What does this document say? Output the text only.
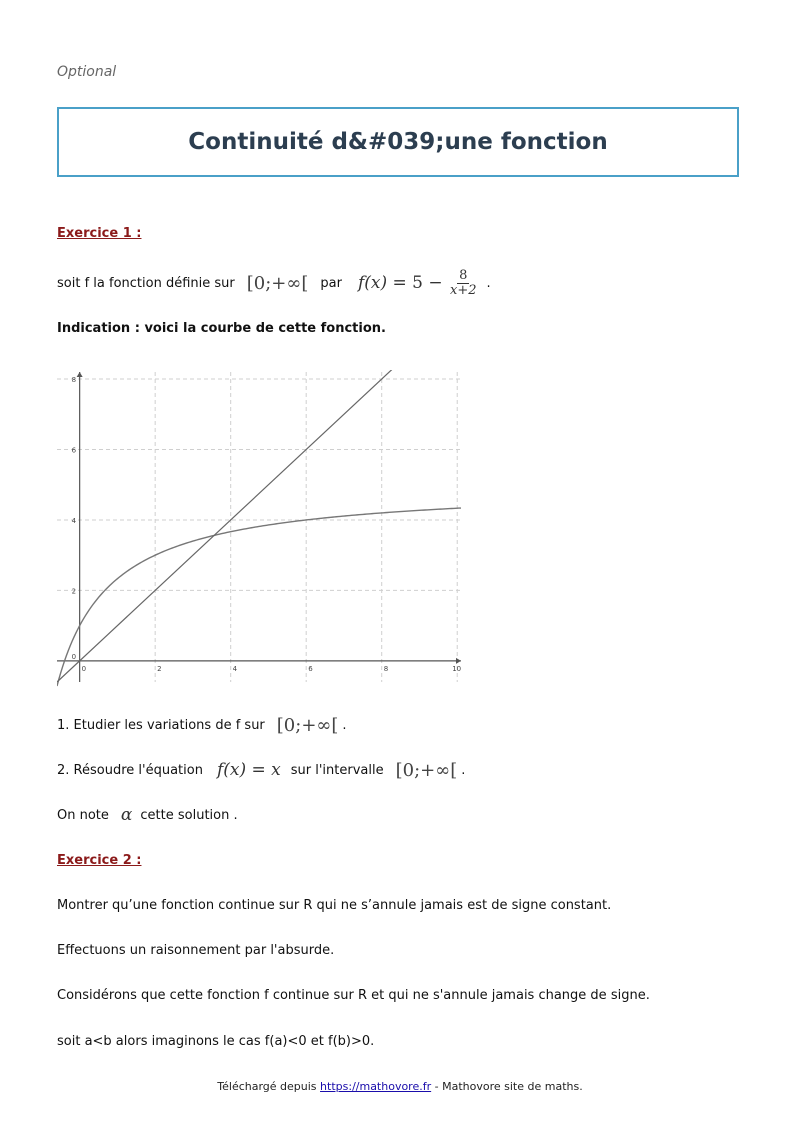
Optional
Continuité d&#039;une fonction
Exercice 1 :
soit f la fonction définie sur [0;+∞[ par $f(x) = 5 - \frac{8}{x+2}$ .
Indication : voici la courbe de cette fonction.
0	2	4	6	8	10
2
4
6
8
0
1. Etudier les variations de f sur [0;+∞[ .
2. Résoudre l'équation f(x) = x sur l'intervalle [0;+∞[ .
On note α cette solution .
Exercice 2 :
Montrer qu’une fonction continue sur R qui ne s’annule jamais est de signe constant.
Effectuons un raisonnement par l'absurde.
Considérons que cette fonction f continue sur R et qui ne s'annule jamais change de signe.
soit a<b alors imaginons le cas f(a)<0 et f(b)>0.
Téléchargé depuis https://mathovore.fr - Mathovore site de maths.
